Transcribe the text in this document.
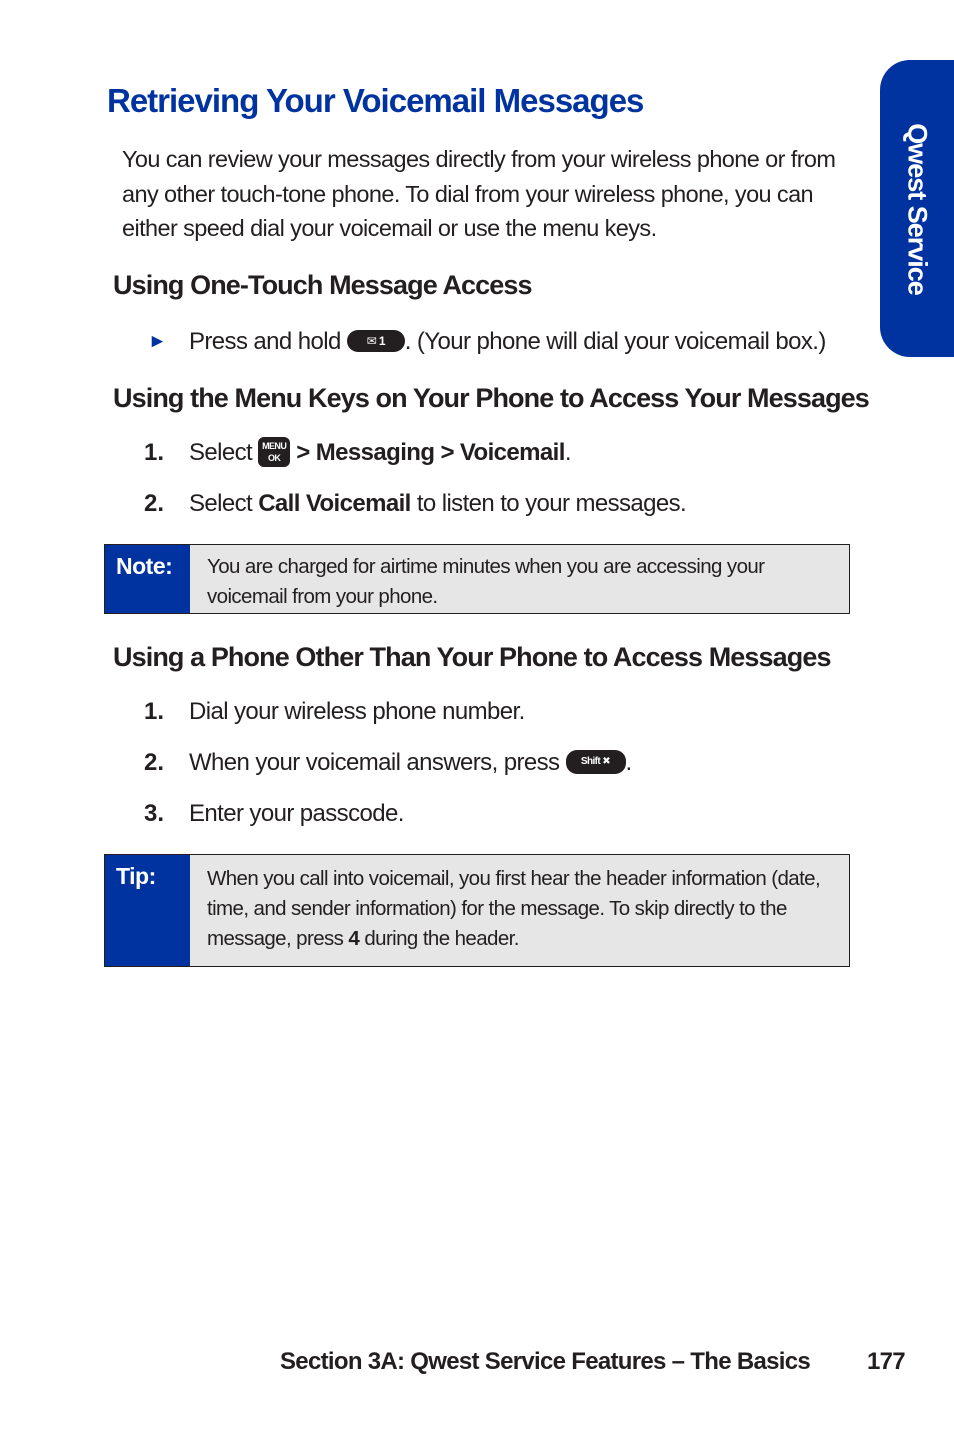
Qwest Service
Retrieving Your Voicemail Messages

You can review your messages directly from your wireless phone or from any other touch-tone phone. To dial from your wireless phone, you can either speed dial your voicemail or use the menu keys.

Using One-Touch Message Access
► Press and hold ✉ 1 . (Your phone will dial your voicemail box.)
Using the Menu Keys on Your Phone to Access Your Messages
1. Select MENU
OK > Messaging > Voicemail.
2. Select Call Voicemail to listen to your messages.
Note:	You are charged for airtime minutes when you are accessing your voicemail from your phone.
Using a Phone Other Than Your Phone to Access Messages
1. Dial your wireless phone number.
2. When your voicemail answers, press Shift ✖ .
3. Enter your passcode.
Tip:	When you call into voicemail, you first hear the header information (date, time, and sender information) for the message. To skip directly to the message, press 4 during the header.
Section 3A: Qwest Service Features – The Basics 177
